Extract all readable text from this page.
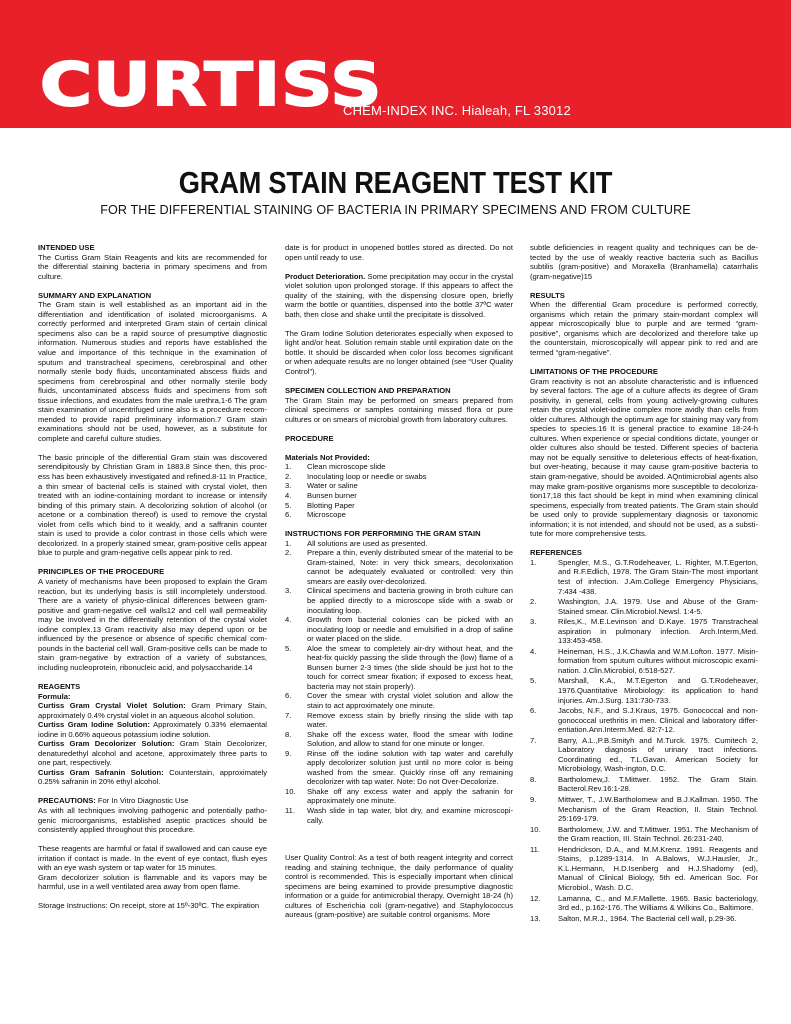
CURTISS
CHEM-INDEX INC. Hialeah, FL 33012
GRAM STAIN REAGENT TEST KIT
FOR THE DIFFERENTIAL STAINING OF BACTERIA IN PRIMARY SPECIMENS AND FROM CULTURE

INTENDED USE

The Curtiss Gram Stain Reagents and kits are recommended for the differential staining bacteria in primary specimens and from culture.

SUMMARY AND EXPLANATION

The Gram stain is well established as an important aid in the differentiation and identification of isolated microorganisms. A correctly performed and interpreted Gram stain of certain clinical specimens also can be a rapid source of presumptive diagnostic information. Numerous studies and reports have established the value and importance of this technique in the examination of sputum and transtracheal specimens, cerebrospinal and other normally sterile body fluids, uncontaminated abscess fluids and specimens from cerebrospinal and other normally sterile body fluids, uncontaminated abscess fluids and specimens from soft tissue infections, and exudates from the male urethra,1-6 The gram stain examination of uncentrifuged urine also is a procedure recom-mended to provide rapid preliminary information.7 Gram stain examinations should not be used, however, as a substitute for complete and careful culture studies.

The basic principle of the differential Gram stain was discovered serendipitously by Christian Gram in 1883.8 Since then, this proc-ess has been exhaustively investigated and refined.8-11 In Practice, a thin smear of bacterial cells is stained with crystal violet, then treated with an iodine-containing mordant to increase or intensify binding of this primary stain. A decolorizing solution of alcohol (or acetone or a combination thereof) is used to remove the crystal violet from cells which bind to it weakly, and a saffranin counter stain is used to provide a color contrast in those cells which were decolorized. In a properly stained smear, gram-positive cells appear blue to purple and gram-negative cells appear pink to red.

PRINCIPLES OF THE PROCEDURE

A variety of mechanisms have been proposed to explain the Gram reaction, but its underlying basis is still incompletely understood. There are a variety of physio-clinical differences between gram-positive and gram-negative cell walls12 and cell wall permeability may be involved in the differentially retention of the crystal violet iodine complex.13 Gram reactivity also may depend upon or be influenced by the presence or absence of specific chemical com-pounds in the bacterial cell wall. Gram-positive cells can be made to stain gram-negative by extraction of a variety of substances, including nucleoprotein, ribonucleic acid, and polysaccharide.14

REAGENTS

Formula:

Curtiss Gram Crystal Violet Solution: Gram Primary Stain, approximately 0.4% crystal violet in an aqueous alcohol solution.
Curtiss Gram Iodine Solution: Approximately 0.33% elemaental iodine in 0.66% aqueous potassium iodine solution.
Curtiss Gram Decolorizer Solution: Gram Stain Decolorizer, denaturedethyl alcohol and acetone, approximately three parts to one part, respectively.
Curtiss Gram Safranin Solution: Counterstain, approximately 0.25% safranin in 20% ethyl alcohol.

PRECAUTIONS: For In Vitro Diagnostic Use

As with all techniques involving pathogenic and potentially patho-genic microorganisms, established aseptic practices should be consistently applied throughout this procedure.

These reagents are harmful or fatal if swallowed and can cause eye irritation if contact is made. In the event of eye contact, flush eyes with an eye wash system or tap water for 15 minutes.

Gram decolorizer solution is flammable and its vapors may be harmful, use in a well ventilated area away from open flame.

Storage Instructions: On receipt, store at 15º-30ºC. The expiration

date is for product in unopened bottles stored as directed. Do not open until ready to use.

Product Deterioration. Some precipitation may occur in the crystal violet solution upon prolonged storage. If this appears to affect the quality of the staining, with the dispensing closure open, briefly warm the bottle or quantities, dispensed into the bottle 37ºC water bath, then close and shake until the precipitate is dissolved.

The Gram Iodine Solution deteriorates especially when exposed to light and/or heat. Solution remain stable until expiration date on the bottle. It should be discarded when color loss becomes significant or when adequate results are no longer obtained (see “User Quality Control”).

SPECIMEN COLLECTION AND PREPARATION

The Gram Stain may be performed on smears prepared from clinical specimens or samples containing missed flora or pure cultures or on smears of microbial growth from laboratory cultures.

PROCEDURE

Materials Not Provided:

1. Clean microscope slide
2. Inoculating loop or needle or swabs
3. Water or saline
4. Bunsen burner
5. Blotting Paper
6. Microscope

INSTRUCTIONS FOR PERFORMING THE GRAM STAIN

1. All solutions are used as presented.
2. Prepare a thin, evenly distributed smear of the material to be Gram-stained, Note: in very thick smears, decolorixation cannot be adequately evaluated or controlled: very thin smears are easily over-decolorized.
3. Clinical specimens and bacteria growing in broth culture can be applied directly to a microscope slide with a swab or inoculating loop.
4. Growth from bacterial colonies can be picked with an inoculating loop or needle and emulsified in a drop of saline or water placed on the slide.
5. Aloe the smear to completely air-dry without heat, and the heat-fix quickly passing the slide through the (low) flame of a Bunsen burner 2-3 times (the slide should be just hot to the touch for correct smear fixation; if exposed to excess heat, bacteria may not stain properly).
6. Cover the smear with crystal violet solution and allow the stain to act approximately one minute.
7. Remove excess stain by briefly rinsing the slide with tap water.
8. Shake off the excess water, flood the smear with Iodine Solution, and allow to stand for one minute or longer.
9. Rinse off the iodine solution with tap water and carefully apply decolorizer solution just until no more color is being washed from the smear. Quickly rinse off any remaining decolorizer with tap water. Note: Do not Over-Decolorize.
10. Shake off any excess water and apply the safranin for approximately one minute.
11. Wash slide in tap water, blot dry, and examine microscopi-cally.

User Quality Control: As a test of both reagent integrity and correct reading and staining technique, the daily performance of quality control is recommended. This is especially important when clinical specimens are being examined to provide presumptive diagnostic information or a guide for antimicrobial therapy. Overnight 18-24 (h) cultures of Escherichia coli (gram-negative) and Staphylococcus aureaus (gram-positive) are suitable control organisms. More

subtle deficiencies in reagent quality and techniques can be de-tected by the use of weakly reactive bacteria such as Bacillus subtilis (gram-positive) and Moraxella (Branhamella) catarrhalis (gram-negative)15

RESULTS

When the differential Gram procedure is performed correctly, organisms which retain the primary stain-mordant complex will appear microscopically blue to purple and are termed “gram-positive”, organisms which are decolorized and therefore take up the counterstain, microscopically will appear pink to red and are termed “gram-negative”.

LIMITATIONS OF THE PROCEDURE

Gram reactivity is not an absolute characteristic and is influenced by several factors. The age of a culture affects its degree of Gram positivity, in general, cells from young actively-growing cultures retain the crystal violet-iodine complex more avidly than cells from older cultures. Although the optimum age for staining may vary from species to species.16 It is general practice to examine 18-24-h cultures. When experience or special conditions dictate, younger or older cultures also should be tested. Different species of bacteria may not be equally sensitive to deleterious effects of heat-fixation, but over-heating, because it may cause gram-positive bacteria to stain gram-negative, should be avoided. AQntimicrobial agents also may make gram-positive organisms more susceptible to decoloriza-tion17,18 this fact should be kept in mind when examining clinical specimens, especially from treated patients. The Gram stain should be used only to provide supplementary diagnosis or taxonomic information; it is not intended, and should not be used, as a substi-tute for more comprehensive tests.

REFERENCES

1.	Spengler, M.S., G.T.Rodeheaver, L. Righter, M.T.Egerton, and R.F.Edlich, 1978. The Gram Stain-The most important test of infection. J.Am.College Emergency Physicians, 7:434 -438.
2.	Washington, J.A. 1979. Use and Abuse of the Gram-Stained smear. Clin.Microbiol.Newsl. 1:4-5.
3.	Riles,K., M.E.Levinson and D.Kaye. 1975 Transtracheal aspiration in pulmonary infection. Arch.Interm,Med. 133:453-458.
4.	Heineman, H.S., J.K.Chawla and W.M.Lofton. 1977. Misin-formation from sputum cultures without microscopic exami-nation. J.Clin.Microbiol, 6:518-527.
5.	Marshall, K.A., M.T.Egerton and G.T.Rodeheaver, 1976.Quantitative Mirobiology: its application to hand injuries. Am.J.Surg. 131:730-733.
6.	Jacobs, N.F., and S.J.Kraus, 1975. Gonococcal and non-gonococcal urethritis in men. Clinical and laboratory differ-entiation.Ann.Interm.Med. 82:7-12.
7.	Barry, A.L.,P.B.Smityh and M.Turck. 1975. Cumitech 2, Laboratory diagnosis of urinary tract infections. Coordinating ed., T.L.Gavan. American Society for Microbiology, Wash-ington, D.C.
8.	Bartholomew,J. T.Mittwer. 1952. The Gram Stain. Bacterol.Rev.16:1-28.
9.	Mittwer, T., J.W.Bartholomew and B.J.Kallman. 1950. The Mechanism of the Gram Reaction, II. Stain Technol. 25:169-179.
10. Bartholomew, J.W. and T.Mittwer. 1951. The Mechanism of the Gram reaction, III. Stain Technol. 26:231-240.
11. Hendrickson, D.A., and M.M.Krenz. 1991. Reagents and Stains, p.1289-1314. In A.Balows, W.J.Hausler, Jr., K.L.Hermann, H.D.Isenberg and H.J.Shadomy (ed), Manual of Clinical Biology, 5th ed. American Soc. For Microbiol., Wash. D.C.
12. Lamanna, C., and M.F.Mallette. 1965. Basic bacteriology, 3rd ed., p.162-176. The Williams & Wilkins Co., Baltimore.
13. Salton, M.R.J., 1964. The Bacterial cell wall, p.29-36.
